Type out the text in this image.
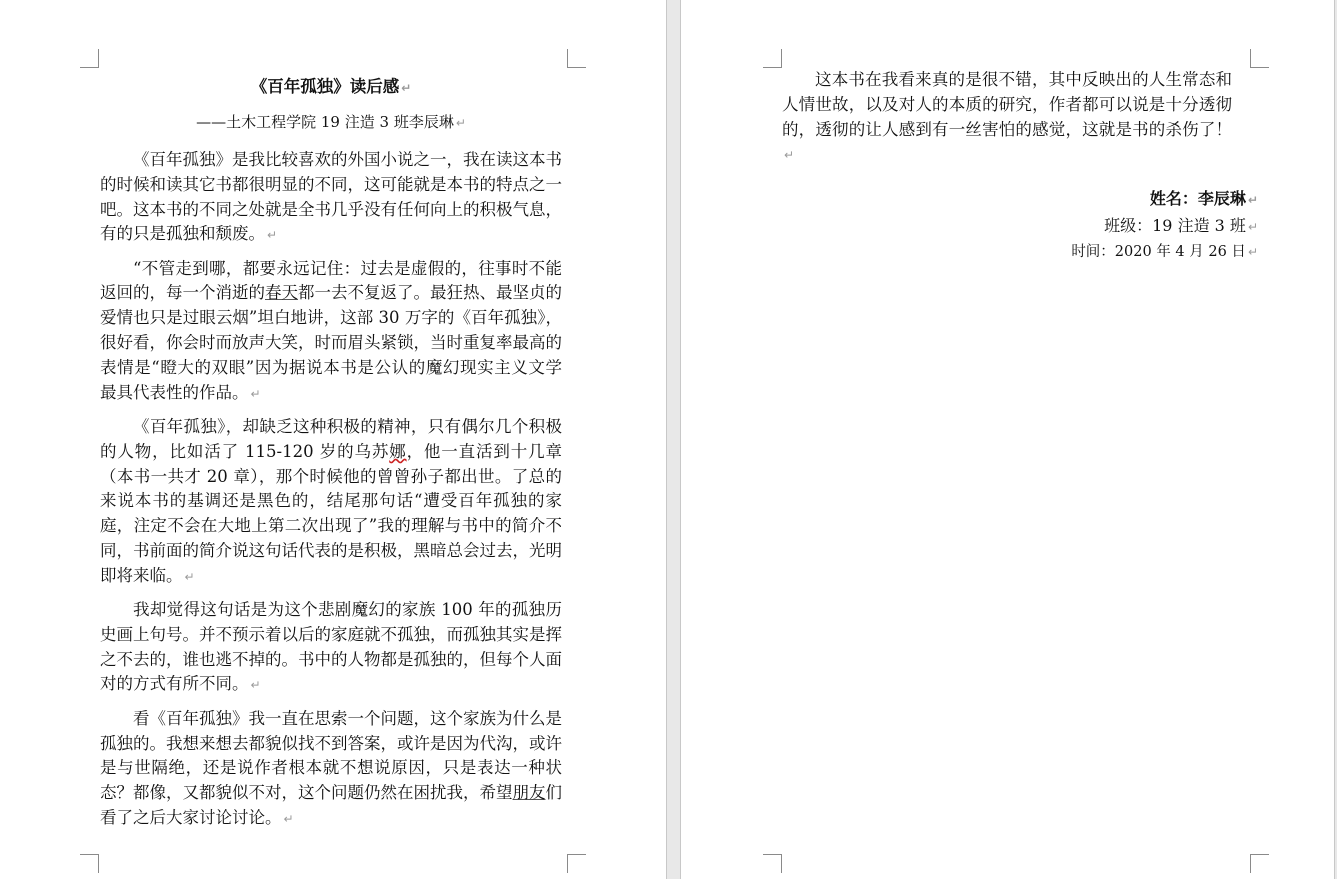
《百年孤独》读后感 ↵
——土木工程学院 19 注造 3 班李辰琳 ↵

《百年孤独》是我比较喜欢的外国小说之一，我在读这本书的时候和读其它书都很明显的不同，这可能就是本书的特点之一吧。这本书的不同之处就是全书几乎没有任何向上的积极气息，有的只是孤独和颓废。 ↵

“不管走到哪，都要永远记住：过去是虚假的，往事时不能返回的，每一个消逝的春天都一去不复返了。最狂热、最坚贞的爱情也只是过眼云烟”坦白地讲，这部 30 万字的《百年孤独》，很好看，你会时而放声大笑，时而眉头紧锁，当时重复率最高的表情是“瞪大的双眼”因为据说本书是公认的魔幻现实主义文学最具代表性的作品。 ↵

《百年孤独》，却缺乏这种积极的精神，只有偶尔几个积极的人物，比如活了 115-120 岁的乌苏娜，他一直活到十几章（本书一共才 20 章），那个时候他的曾曾孙子都出世。了总的来说本书的基调还是黑色的，结尾那句话“遭受百年孤独的家庭，注定不会在大地上第二次出现了”我的理解与书中的简介不同，书前面的简介说这句话代表的是积极，黑暗总会过去，光明即将来临。 ↵

我却觉得这句话是为这个悲剧魔幻的家族 100 年的孤独历史画上句号。并不预示着以后的家庭就不孤独，而孤独其实是挥之不去的，谁也逃不掉的。书中的人物都是孤独的，但每个人面对的方式有所不同。 ↵

看《百年孤独》我一直在思索一个问题，这个家族为什么是孤独的。我想来想去都貌似找不到答案，或许是因为代沟，或许是与世隔绝，还是说作者根本就不想说原因，只是表达一种状态？都像，又都貌似不对，这个问题仍然在困扰我，希望朋友们看了之后大家讨论讨论。 ↵

这本书在我看来真的是很不错，其中反映出的人生常态和人情世故，以及对人的本质的研究，作者都可以说是十分透彻的，透彻的让人感到有一丝害怕的感觉，这就是书的杀伤了！↵

姓名：李辰琳 ↵

班级：19 注造 3 班 ↵

时间：2020 年 4 月 26 日 ↵
